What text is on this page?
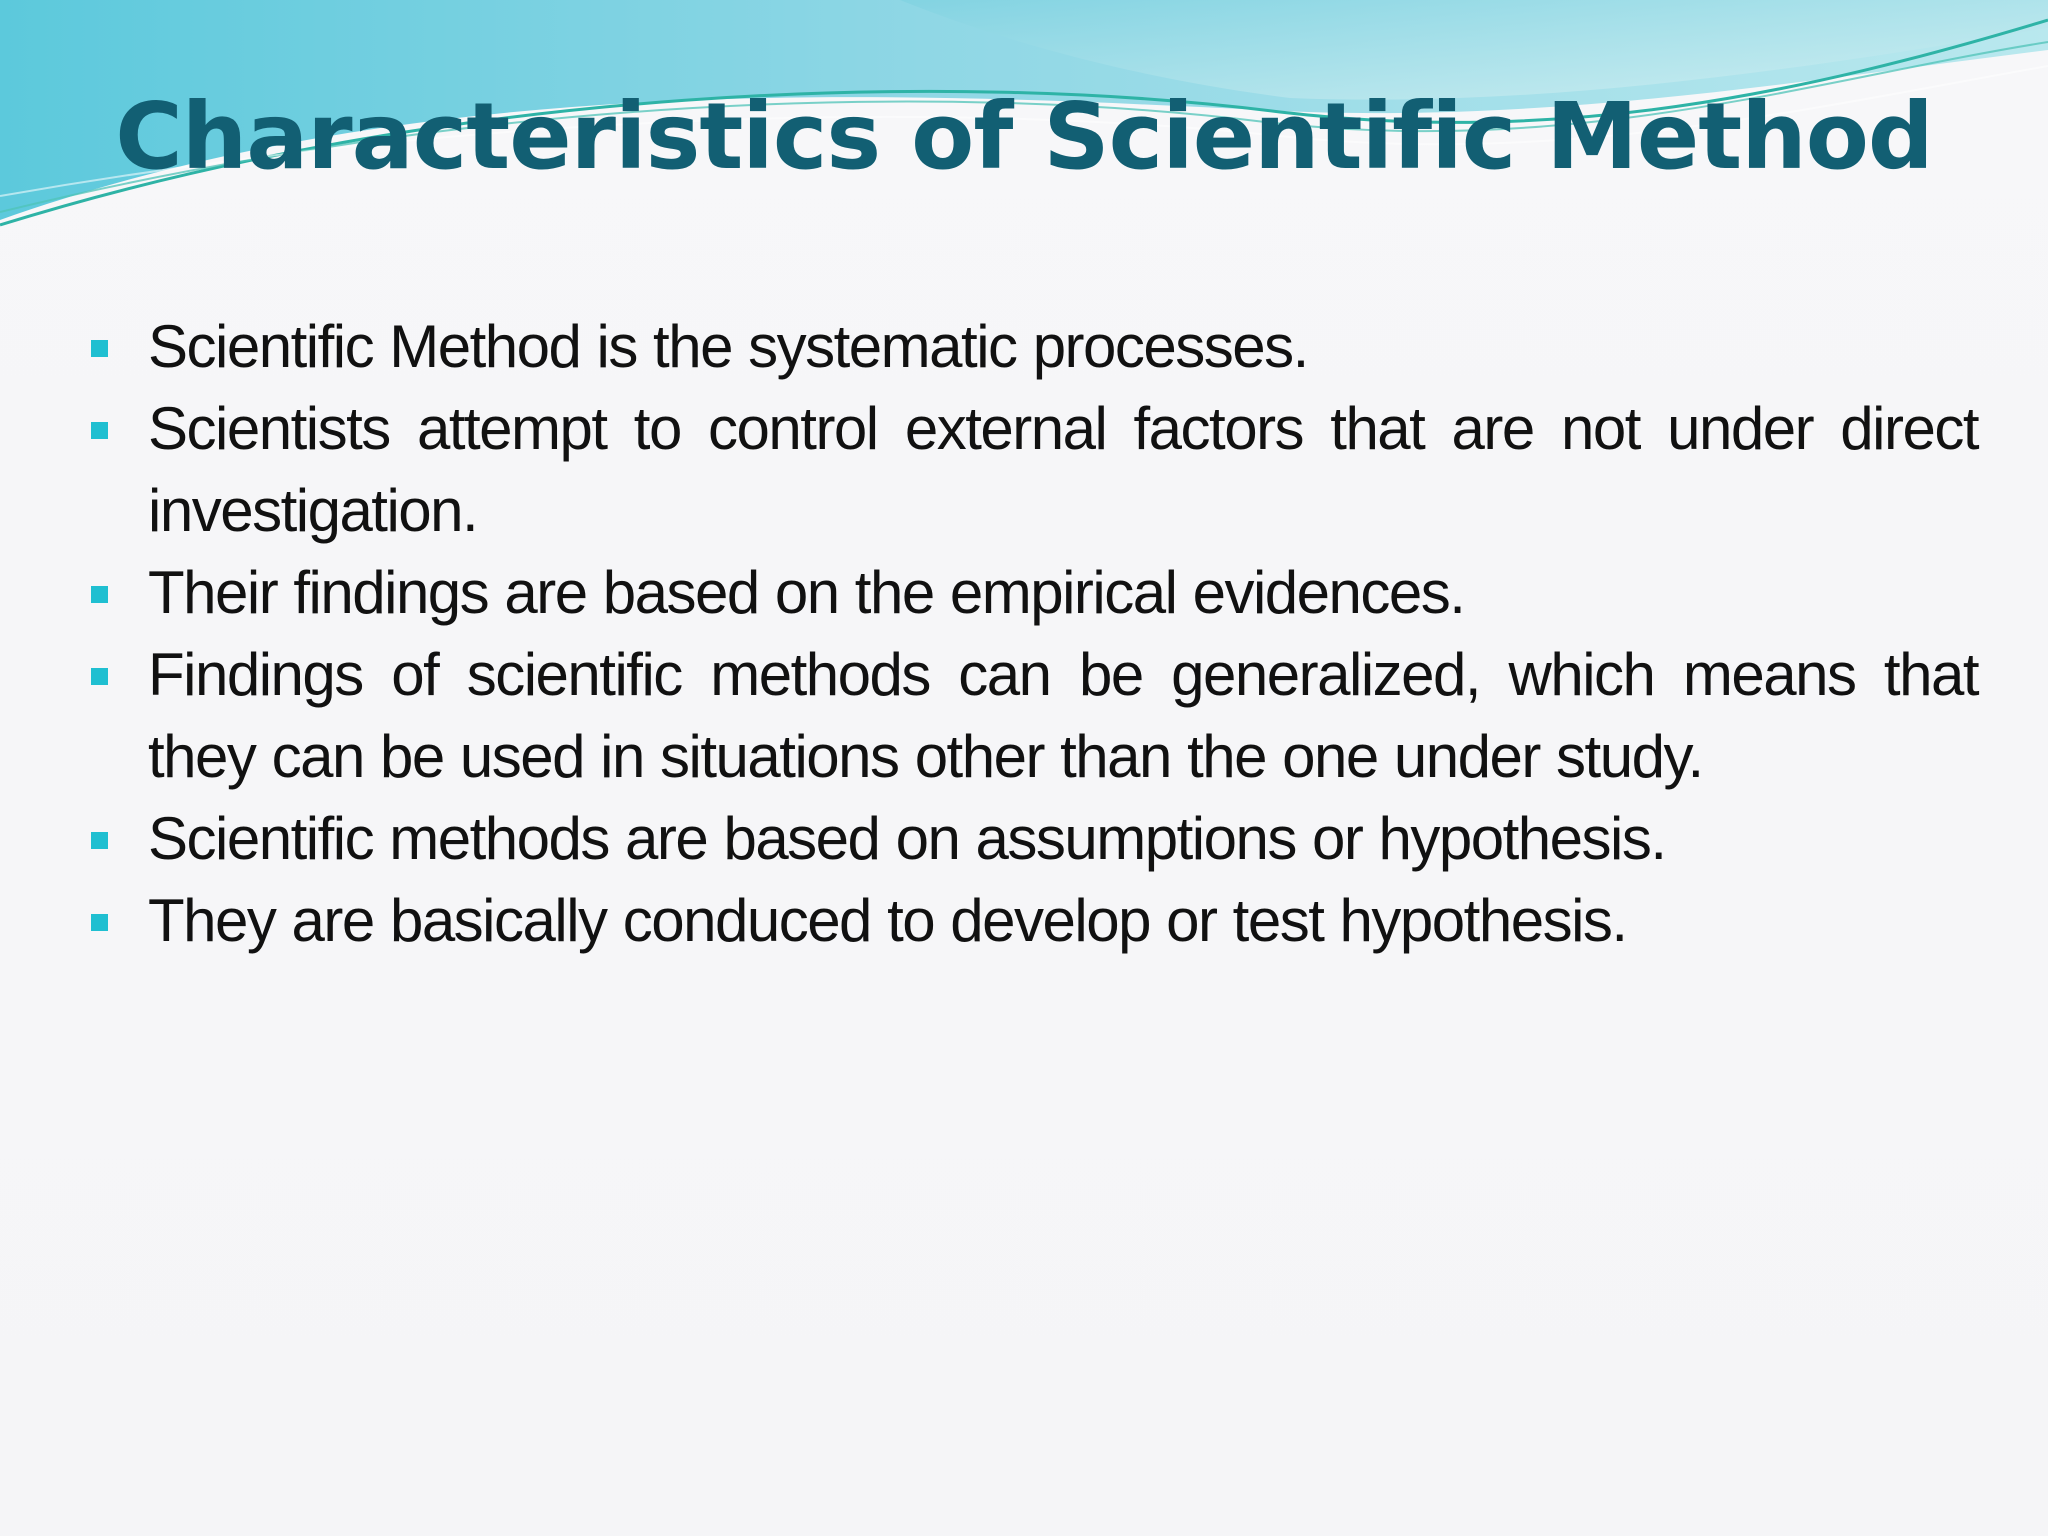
Characteristics of Scientific Method
Scientific Method is the systematic processes.
Scientists attempt to control external factors that are not under direct investigation.
Their findings are based on the empirical evidences.
Findings of scientific methods can be generalized, which means that they can be used in situations other than the one under study.
Scientific methods are based on assumptions or hypothesis.
They are basically conduced to develop or test hypothesis.
